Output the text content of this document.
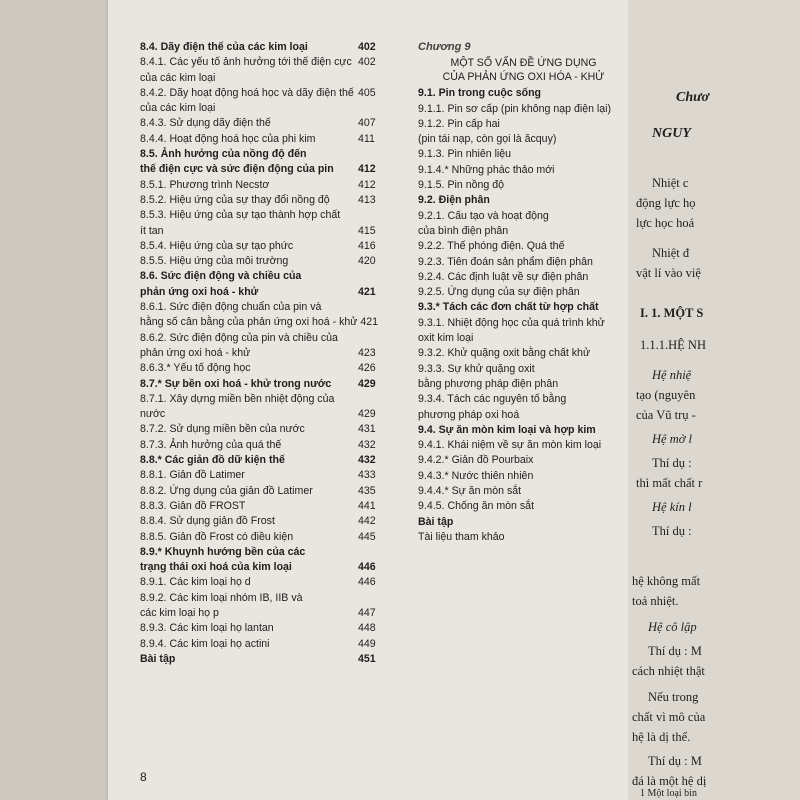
8.4. Dãy điện thế của các kim loại	402
8.4.1. Các yếu tố ảnh hưởng tới thế điện cực 402
của các kim loại
8.4.2. Dãy hoạt động hoá học và dãy điện thế 405
của các kim loại
8.4.3. Sử dụng dãy điện thế	407
8.4.4. Hoạt động hoá học của phi kim	411
8.5. Ảnh hưởng của nồng độ đến
thế điện cực và sức điện động của pin 412
8.5.1. Phương trình Necstơ	412
8.5.2. Hiệu ứng của sự thay đổi nồng độ	413
8.5.3. Hiệu ứng của sự tạo thành hợp chất
ít tan	415
8.5.4. Hiệu ứng của sự tạo phức	416
8.5.5. Hiệu ứng của môi trường	420
8.6. Sức điện động và chiều của
phản ứng oxi hoá - khử	421
8.6.1. Sức điện động chuẩn của pin và
hằng số cân bằng của phản ứng oxi hoá - khử 421
8.6.2. Sức điện động của pin và chiều của
phản ứng oxi hoá - khử	423
8.6.3.* Yếu tố động học	426
8.7.* Sự bền oxi hoá - khử trong nước	429
8.7.1. Xây dựng miền bền nhiệt động của
nước	429
8.7.2. Sử dụng miền bền của nước	431
8.7.3. Ảnh hưởng của quá thế	432
8.8.* Các giản đồ dữ kiện thế	432
8.8.1. Giản đồ Latimer	433
8.8.2. Ứng dụng của giản đồ Latimer	435
8.8.3. Giản đồ FROST	441
8.8.4. Sử dụng giản đồ Frost	442
8.8.5. Giản đồ Frost có điều kiện	445
8.9.* Khuynh hướng bền của các
trạng thái oxi hoá của kim loại	446
8.9.1. Các kim loại họ d	446
8.9.2. Các kim loại nhóm IB, IIB và
các kim loại họ p	447
8.9.3. Các kim loại họ lantan	448
8.9.4. Các kim loại họ actini	449
Bài tập	451
Chương 9
MỘT SỐ VẤN ĐỀ ỨNG DỤNG
CỦA PHẢN ỨNG OXI HÓA - KHỬ
9.1. Pin trong cuộc sống
9.1.1. Pin sơ cấp (pin không nạp điện lại)
9.1.2. Pin cấp hai
(pin tái nạp, còn gọi là ăcquy)
9.1.3. Pin nhiên liệu
9.1.4.* Những phác thảo mới
9.1.5. Pin nồng độ
9.2. Điện phân
9.2.1. Cấu tạo và hoạt động
của bình điện phân
9.2.2. Thế phóng điện. Quá thế
9.2.3. Tiên đoán sản phẩm điện phân
9.2.4. Các định luật về sự điện phân
9.2.5. Ứng dụng của sự điện phân
9.3.* Tách các đơn chất từ hợp chất
9.3.1. Nhiệt động học của quá trình khử
oxit kim loại
9.3.2. Khử quặng oxit bằng chất khử
9.3.3. Sự khử quặng oxit
bằng phương pháp điện phân
9.3.4. Tách các nguyên tố bằng
phương pháp oxi hoá
9.4. Sự ăn mòn kim loại và hợp kim
9.4.1. Khái niệm về sự ăn mòn kim loại
9.4.2.* Giản đồ Pourbaix
9.4.3.* Nước thiên nhiên
9.4.4.* Sự ăn mòn sắt
9.4.5. Chống ăn mòn sắt
Bài tập
Tài liệu tham khảo
8
Chươ
NGUY
Nhiệt c
động lực họ
lực học hoá
Nhiệt đ
vật lí vào việ
I. 1. MỘT S
1.1.1.HỆ NH
Hệ nhiệ
tạo (nguyên
của Vũ trụ -
Hệ mở l
Thí dụ :
thì mất chất r
Hệ kín l
Thí dụ :
hệ không mất
toả nhiệt.
Hệ cô lập
Thí dụ : M
cách nhiệt thật
Nếu trong
chất vì mô của
hệ là dị thể.
Thí dụ : M
đá là một hệ dị
1 Một loại bìn
